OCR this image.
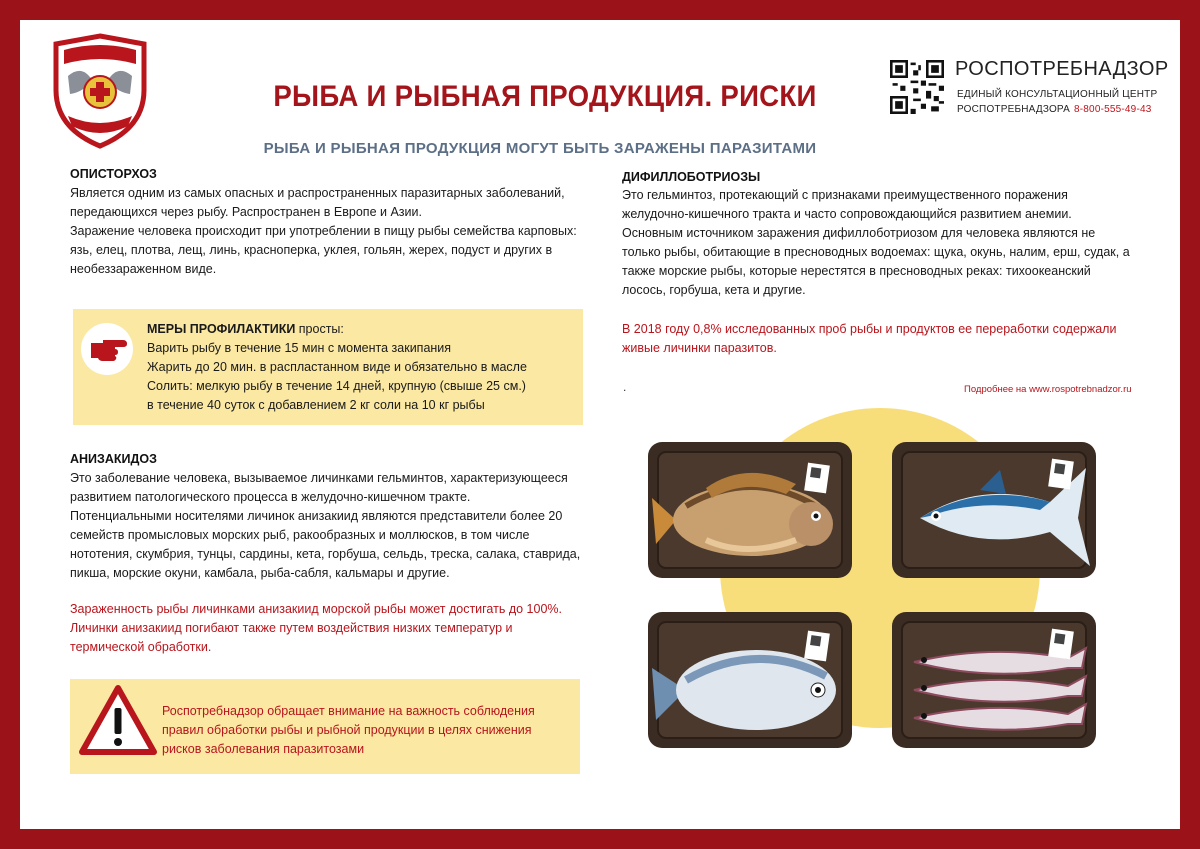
РЫБА И РЫБНАЯ ПРОДУКЦИЯ. РИСКИ
РЫБА И РЫБНАЯ ПРОДУКЦИЯ МОГУТ БЫТЬ ЗАРАЖЕНЫ ПАРАЗИТАМИ
РОСПОТРЕБНАДЗОР
ЕДИНЫЙ КОНСУЛЬТАЦИОННЫЙ ЦЕНТР
РОСПОТРЕБНАДЗОРА 8-800-555-49-43
ОПИСТОРХОЗ
Является одним из самых опасных и распространенных паразитарных заболеваний,
передающихся через рыбу. Распространен в Европе и Азии.
Заражение человека происходит при употреблении в пищу рыбы семейства карповых:
язь, елец, плотва, лещ, линь, красноперка, уклея, гольян, жерех, подуст и других в
необеззараженном виде.
МЕРЫ ПРОФИЛАКТИКИ просты:
Варить рыбу в течение 15 мин с момента закипания
Жарить до 20 мин. в распластанном виде и обязательно в масле
Солить: мелкую рыбу в течение 14 дней, крупную (свыше 25 см.)
в течение 40 суток с добавлением 2 кг соли на 10 кг рыбы
АНИЗАКИДОЗ
Это заболевание человека, вызываемое личинками гельминтов, характеризующееся
развитием патологического процесса в желудочно-кишечном тракте.
Потенциальными носителями личинок анизакиид являются представители более 20
семейств промысловых морских рыб, ракообразных и моллюсков, в том числе
нототения, скумбрия, тунцы, сардины, кета, горбуша, сельдь, треска, салака, ставрида,
пикша, морские окуни, камбала, рыба-сабля, кальмары и другие.
Зараженность рыбы личинками анизакиид морской рыбы может достигать до 100%.
Личинки анизакиид погибают также путем воздействия низких температур и
термической обработки.
Роспотребнадзор обращает внимание на важность соблюдения
правил обработки рыбы и рыбной продукции в целях снижения
рисков заболевания паразитозами
ДИФИЛЛОБОТРИОЗЫ
Это гельминтоз, протекающий с признаками преимущественного поражения
желудочно-кишечного тракта и часто сопровождающийся развитием анемии.
Основным источником заражения дифиллоботриозом для человека являются не
только рыбы, обитающие в пресноводных водоемах: щука, окунь, налим, ерш, судак, а
также морские рыбы, которые нерестятся в пресноводных реках: тихоокеанский
лосось, горбуша, кета и другие.
В 2018 году 0,8% исследованных проб рыбы и продуктов ее переработки содержали
живые личинки паразитов.
.	Подробнее на www.rospotrebnadzor.ru
